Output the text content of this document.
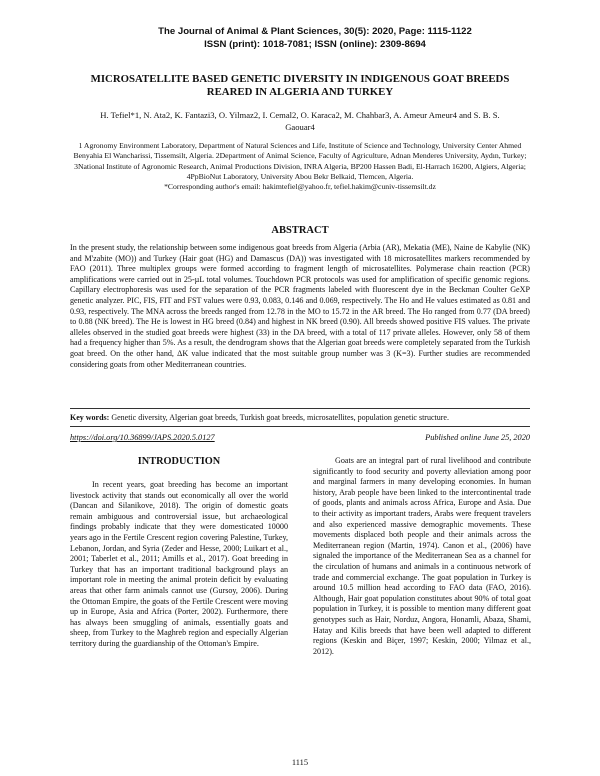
The Journal of Animal & Plant Sciences, 30(5): 2020, Page: 1115-1122
ISSN (print): 1018-7081; ISSN (online): 2309-8694
MICROSATELLITE BASED GENETIC DIVERSITY IN INDIGENOUS GOAT BREEDS REARED IN ALGERIA AND TURKEY
H. Tefiel*1, N. Ata2, K. Fantazi3, O. Yilmaz2, I. Cemal2, O. Karaca2, M. Chahbar3, A. Ameur Ameur4 and S. B. S. Gaouar4

1 Agronomy Environment Laboratory, Department of Natural Sciences and Life, Institute of Science and Technology, University Center Ahmed Benyahia El Wancharissi, Tissemsilt, Algeria. 2Department of Animal Science, Faculty of Agriculture, Adnan Menderes University, Aydın, Turkey; 3National Institute of Agronomic Research, Animal Productions Division, INRA Algeria, BP200 Hassen Badi, El-Harrach 16200, Algiers, Algeria;

4PpBioNut Laboratory, University Abou Bekr Belkaid, Tlemcen, Algeria.

*Corresponding author's email: hakimtefiel@yahoo.fr, tefiel.hakim@cuniv-tissemsilt.dz

ABSTRACT
In the present study, the relationship between some indigenous goat breeds from Algeria (Arbia (AR), Mekatia (ME), Naine de Kabylie (NK) and M'zabite (MO)) and Turkey (Hair goat (HG) and Damascus (DA)) was investigated with 18 microsatellites markers recommended by FAO (2011). Three multiplex groups were formed according to fragment length of microsatellites. Polymerase chain reaction (PCR) amplifications were carried out in 25-µL total volumes. Touchdown PCR protocols was used for amplification of specific genomic regions. Capillary electrophoresis was used for the separation of the PCR fragments labeled with fluorescent dye in the Beckman Coulter GeXP genetic analyzer. PIC, FIS, FIT and FST values were 0.93, 0.083, 0.146 and 0.069, respectively. The Ho and He values estimated as 0.81 and 0.93, respectively. The MNA across the breeds ranged from 12.78 in the MO to 15.72 in the AR breed. The Ho ranged from 0.77 (DA breed) to 0.88 (NK breed). The He is lowest in HG breed (0.84) and highest in NK breed (0.90). All breeds showed positive FIS values. The private alleles observed in the studied goat breeds were highest (33) in the DA breed, with a total of 117 private alleles. However, only 58 of them had a frequency higher than 5%. As a result, the dendrogram shows that the Algerian goat breeds were completely separated from the Turkish goat breed. On the other hand, ΔK value indicated that the most suitable group number was 3 (K=3). Further studies are recommended considering goats from other Mediterranean countries.
Key words: Genetic diversity, Algerian goat breeds, Turkish goat breeds, microsatellites, population genetic structure.
https://doi.org/10.36899/JAPS.2020.5.0127	Published online June 25, 2020
INTRODUCTION

In recent years, goat breeding has become an important livestock activity that stands out economically all over the world (Dancan and Silanikove, 2018). The origin of domestic goats remain ambiguous and controversial issue, but archaeological findings probably indicate that they were domesticated 10000 years ago in the Fertile Crescent region covering Palestine, Turkey, Lebanon, Jordan, and Syria (Zeder and Hesse, 2000; Luikart et al., 2001; Taberlet et al., 2011; Amills et al., 2017). Goat breeding in Turkey that has an important traditional background plays an important role in meeting the animal protein deficit by evaluating areas that other farm animals cannot use (Gursoy, 2006). During the Ottoman Empire, the goats of the Fertile Crescent were moving up in Europe, Asia and Africa (Porter, 2002). Furthermore, there has always been smuggling of animals, essentially goats and sheep, from Turkey to the Maghreb region and especially Algerian territory during the guardianship of the Ottoman's Empire.

Goats are an integral part of rural livelihood and contribute significantly to food security and poverty alleviation among poor and marginal farmers in many developing economies. In human history, Arab people have been linked to the intercontinental trade of goods, plants and animals across Africa, Europe and Asia. Due to their activity as important traders, Arabs were frequent travelers and also experienced massive demographic movements. These movements displaced both people and their animals across the Mediterranean region (Martin, 1974). Canon et al., (2006) have signaled the importance of the Mediterranean Sea as a channel for the circulation of humans and animals in a continuous network of trade and commercial exchange. The goat population in Turkey is around 10.5 million head according to FAO data (FAO, 2016). Although, Hair goat population constitutes about 90% of total goat population in Turkey, it is possible to mention many different goat genotypes such as Hair, Norduz, Angora, Honamli, Abaza, Shami, Hatay and Kilis breeds that have been well adapted to different regions (Keskin and Biçer, 1997; Keskin, 2000; Yilmaz et al., 2012).

1115
